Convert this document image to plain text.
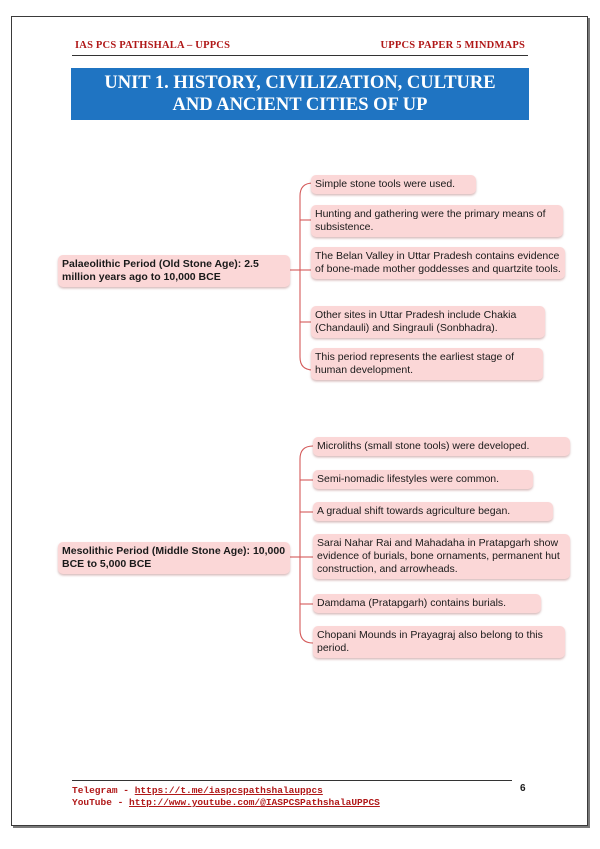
IAS PCS PATHSHALA – UPPCS	UPPCS PAPER 5 MINDMAPS
UNIT 1. HISTORY, CIVILIZATION, CULTURE
AND ANCIENT CITIES OF UP
Palaeolithic Period (Old Stone Age): 2.5 million years ago to 10,000 BCE
Simple stone tools were used.
Hunting and gathering were the primary means of subsistence.
The Belan Valley in Uttar Pradesh contains evidence of bone-made mother goddesses and quartzite tools.
Other sites in Uttar Pradesh include Chakia (Chandauli) and Singrauli (Sonbhadra).
This period represents the earliest stage of human development.
Mesolithic Period (Middle Stone Age): 10,000 BCE to 5,000 BCE
Microliths (small stone tools) were developed.
Semi-nomadic lifestyles were common.
A gradual shift towards agriculture began.
Sarai Nahar Rai and Mahadaha in Pratapgarh show evidence of burials, bone ornaments, permanent hut construction, and arrowheads.
Damdama (Pratapgarh) contains burials.
Chopani Mounds in Prayagraj also belong to this period.
Telegram - https://t.me/iaspcspathshalauppcs
YouTube - http://www.youtube.com/@IASPCSPathshalaUPPCS
6
